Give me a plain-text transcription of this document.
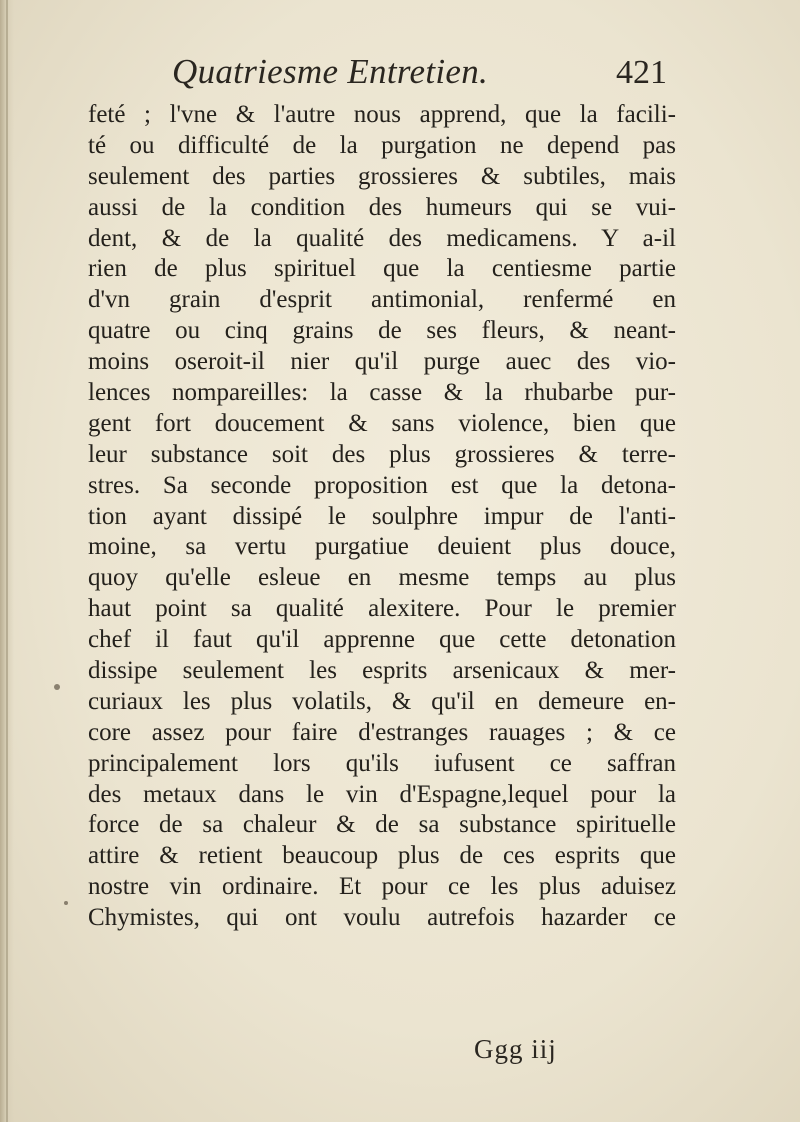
Quatriesme Entretien.	421
feté ; l'vne & l'autre nous apprend, que la facili-
té ou difficulté de la purgation ne depend pas
seulement des parties grossieres & subtiles, mais
aussi de la condition des humeurs qui se vui-
dent, & de la qualité des medicamens. Y a-il
rien de plus spirituel que la centiesme partie
d'vn grain d'esprit antimonial, renfermé en
quatre ou cinq grains de ses fleurs, & neant-
moins oseroit-il nier qu'il purge auec des vio-
lences nompareilles: la casse & la rhubarbe pur-
gent fort doucement & sans violence, bien que
leur substance soit des plus grossieres & terre-
stres. Sa seconde proposition est que la detona-
tion ayant dissipé le soulphre impur de l'anti-
moine, sa vertu purgatiue deuient plus douce,
quoy qu'elle esleue en mesme temps au plus
haut point sa qualité alexitere. Pour le premier
chef il faut qu'il apprenne que cette detonation
dissipe seulement les esprits arsenicaux & mer-
curiaux les plus volatils, & qu'il en demeure en-
core assez pour faire d'estranges rauages ; & ce
principalement lors qu'ils iufusent ce saffran
des metaux dans le vin d'Espagne,lequel pour la
force de sa chaleur & de sa substance spirituelle
attire & retient beaucoup plus de ces esprits que
nostre vin ordinaire. Et pour ce les plus aduisez
Chymistes, qui ont voulu autrefois hazarder ce
Ggg iij
